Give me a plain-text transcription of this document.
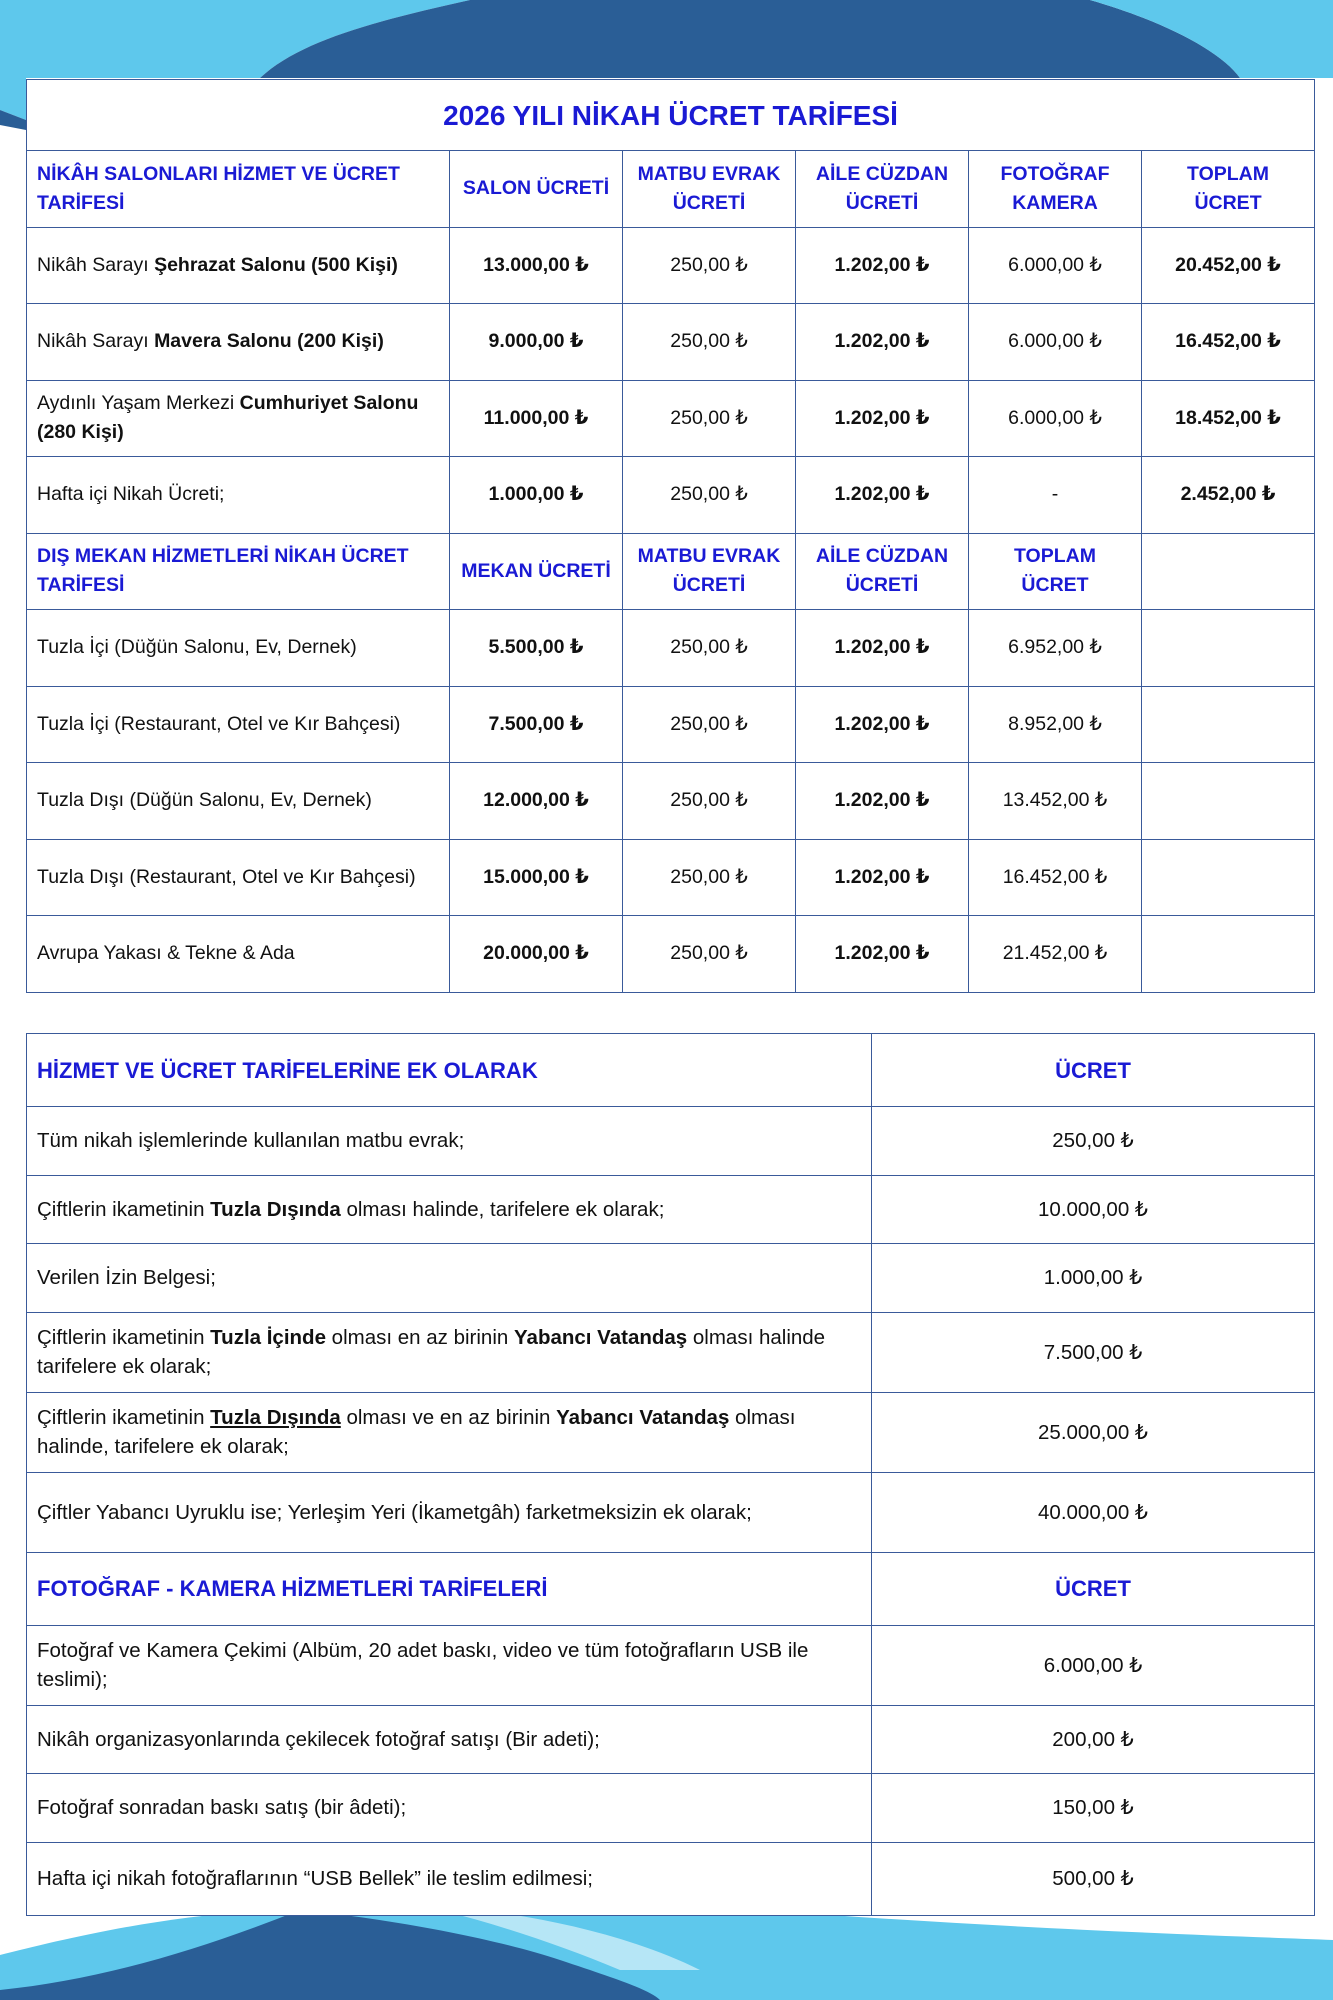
2026 YILI NİKAH ÜCRET TARİFESİ					
NİKÂH SALONLARI HİZMET VE ÜCRET TARİFESİ	SALON ÜCRETİ	MATBU EVRAK ÜCRETİ	AİLE CÜZDAN ÜCRETİ	FOTOĞRAF KAMERA	TOPLAM ÜCRET
Nikâh Sarayı Şehrazat Salonu (500 Kişi)	13.000,00 ₺	250,00 ₺	1.202,00 ₺	6.000,00 ₺	20.452,00 ₺
Nikâh Sarayı Mavera Salonu (200 Kişi)	9.000,00 ₺	250,00 ₺	1.202,00 ₺	6.000,00 ₺	16.452,00 ₺
Aydınlı Yaşam Merkezi Cumhuriyet Salonu (280 Kişi)	11.000,00 ₺	250,00 ₺	1.202,00 ₺	6.000,00 ₺	18.452,00 ₺
Hafta içi Nikah Ücreti;	1.000,00 ₺	250,00 ₺	1.202,00 ₺	-	2.452,00 ₺
DIŞ MEKAN HİZMETLERİ NİKAH ÜCRET TARİFESİ	MEKAN ÜCRETİ	MATBU EVRAK ÜCRETİ	AİLE CÜZDAN ÜCRETİ	TOPLAM ÜCRET	
Tuzla İçi (Düğün Salonu, Ev, Dernek)	5.500,00 ₺	250,00 ₺	1.202,00 ₺	6.952,00 ₺	
Tuzla İçi (Restaurant, Otel ve Kır Bahçesi)	7.500,00 ₺	250,00 ₺	1.202,00 ₺	8.952,00 ₺	
Tuzla Dışı (Düğün Salonu, Ev, Dernek)	12.000,00 ₺	250,00 ₺	1.202,00 ₺	13.452,00 ₺	
Tuzla Dışı (Restaurant, Otel ve Kır Bahçesi)	15.000,00 ₺	250,00 ₺	1.202,00 ₺	16.452,00 ₺	
Avrupa Yakası & Tekne & Ada	20.000,00 ₺	250,00 ₺	1.202,00 ₺	21.452,00 ₺	
HİZMET VE ÜCRET TARİFELERİNE EK OLARAK	ÜCRET
Tüm nikah işlemlerinde kullanılan matbu evrak;	250,00 ₺
Çiftlerin ikametinin Tuzla Dışında olması halinde, tarifelere ek olarak;	10.000,00 ₺
Verilen İzin Belgesi;	1.000,00 ₺
Çiftlerin ikametinin Tuzla İçinde olması en az birinin Yabancı Vatandaş olması halinde tarifelere ek olarak;	7.500,00 ₺
Çiftlerin ikametinin Tuzla Dışında olması ve en az birinin Yabancı Vatandaş olması halinde, tarifelere ek olarak;	25.000,00 ₺
Çiftler Yabancı Uyruklu ise; Yerleşim Yeri (İkametgâh) farketmeksizin ek olarak;	40.000,00 ₺
FOTOĞRAF - KAMERA HİZMETLERİ TARİFELERİ	ÜCRET
Fotoğraf ve Kamera Çekimi (Albüm, 20 adet baskı, video ve tüm fotoğrafların USB ile teslimi);	6.000,00 ₺
Nikâh organizasyonlarında çekilecek fotoğraf satışı (Bir adeti);	200,00 ₺
Fotoğraf sonradan baskı satış (bir âdeti);	150,00 ₺
Hafta içi nikah fotoğraflarının “USB Bellek” ile teslim edilmesi;	500,00 ₺
